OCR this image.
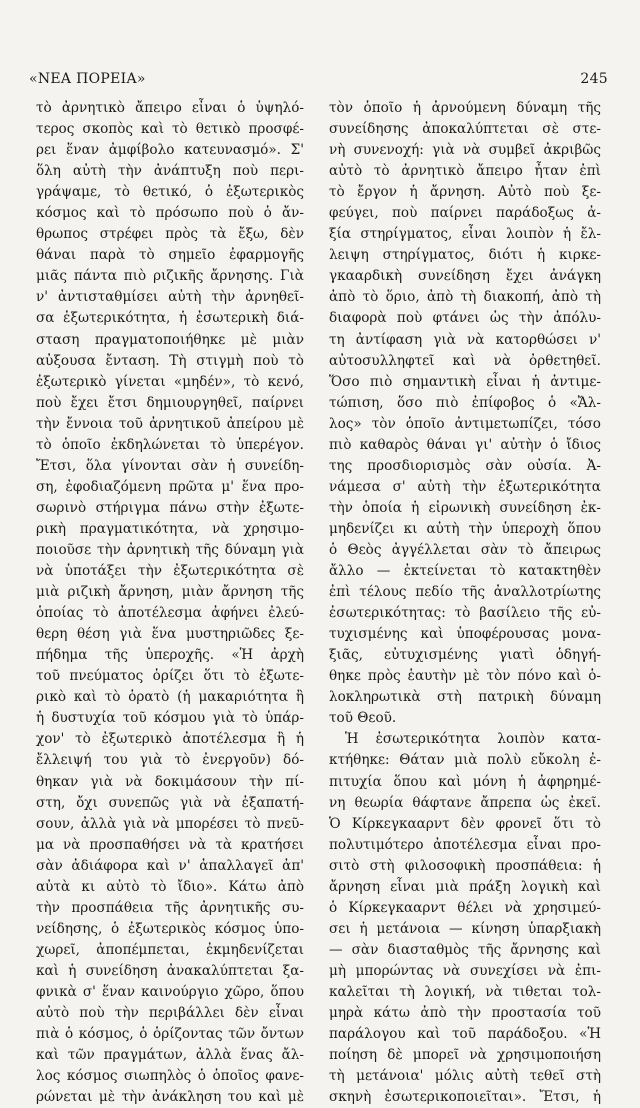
«ΝΕΑ ΠΟΡΕΙΑ»	245
τὸ ἀρνητικὸ ἄπειρο εἶναι ὁ ὑψηλό-
τερος σκοπὸς καὶ τὸ θετικὸ προσφέ-
ρει ἕναν ἀμφίβολο κατευνασμό». Σ'
ὅλη αὐτὴ τὴν ἀνάπτυξη ποὺ περι-
γράψαμε, τὸ θετικό, ὁ ἐξωτερικὸς
κόσμος καὶ τὸ πρόσωπο ποὺ ὁ ἄν-
θρωπος στρέφει πρὸς τὰ ἔξω, δὲν
θάναι παρὰ τὸ σημεῖο ἐφαρμογῆς
μιᾶς πάντα πιὸ ριζικῆς ἄρνησης. Γιὰ
ν' ἀντισταθμίσει αὐτὴ τὴν ἀρνηθεῖ-
σα ἐξωτερικότητα, ἡ ἐσωτερικὴ διά-
σταση πραγματοποιήθηκε μὲ μιὰν
αὐξουσα ἔνταση. Τὴ στιγμὴ ποὺ τὸ
ἐξωτερικὸ γίνεται «μηδέν», τὸ κενό,
ποὺ ἔχει ἔτσι δημιουργηθεῖ, παίρνει
τὴν ἔννοια τοῦ ἀρνητικοῦ ἀπείρου μὲ
τὸ ὁποῖο ἐκδηλώνεται τὸ ὑπερέγον.
Ἔτσι, ὅλα γίνονται σὰν ἡ συνείδη-
ση, ἐφοδιαζόμενη πρῶτα μ' ἕνα προ-
σωρινὸ στήριγμα πάνω στὴν ἐξωτε-
ρικὴ πραγματικότητα, νὰ χρησιμο-
ποιοῦσε τὴν ἀρνητικὴ τῆς δύναμη γιὰ
νὰ ὑποτάξει τὴν ἐξωτερικότητα σὲ
μιὰ ριζικὴ ἄρνηση, μιὰν ἄρνηση τῆς
ὁποίας τὸ ἀποτέλεσμα ἀφήνει ἐλεύ-
θερη θέση γιὰ ἕνα μυστηριῶδες ξε-
πήδημα τῆς ὑπεροχῆς. «Ἡ ἀρχὴ
τοῦ πνεύματος ὁρίζει ὅτι τὸ ἐξωτε-
ρικὸ καὶ τὸ ὁρατὸ (ἡ μακαριότητα ἢ
ἡ δυστυχία τοῦ κόσμου γιὰ τὸ ὑπάρ-
χον' τὸ ἐξωτερικὸ ἀποτέλεσμα ἢ ἡ
ἔλλειψή του γιὰ τὸ ἐνεργοῦν) δό-
θηκαν γιὰ νὰ δοκιμάσουν τὴν πί-
στη, ὄχι συνεπῶς γιὰ νὰ ἐξαπατή-
σουν, ἀλλὰ γιὰ νὰ μπορέσει τὸ πνεῦ-
μα νὰ προσπαθήσει νὰ τὰ κρατήσει
σὰν ἀδιάφορα καὶ ν' ἀπαλλαγεῖ ἀπ'
αὐτὰ κι αὐτὸ τὸ ἴδιο». Κάτω ἀπὸ
τὴν προσπάθεια τῆς ἀρνητικῆς συ-
νείδησης, ὁ ἐξωτερικὸς κόσμος ὑπο-
χωρεῖ, ἀποπέμπεται, ἐκμηδενίζεται
καὶ ἡ συνείδηση ἀνακαλύπτεται ξα-
φνικὰ σ' ἕναν καινούργιο χῶρο, ὅπου
αὐτὸ ποὺ τὴν περιβάλλει δὲν εἶναι
πιὰ ὁ κόσμος, ὁ ὁρίζοντας τῶν ὄντων
καὶ τῶν πραγμάτων, ἀλλὰ ἕνας ἄλ-
λος κόσμος σιωπηλὸς ὁ ὁποῖος φανε-
ρώνεται μὲ τὴν ἀνάκληση του καὶ μὲ
τὸν ὁποῖο ἡ ἀρνούμενη δύναμη τῆς
συνείδησης ἀποκαλύπτεται σὲ στε-
νὴ συνενοχή: γιὰ νὰ συμβεῖ ἀκριβῶς
αὐτὸ τὸ ἀρνητικὸ ἄπειρο ἦταν ἐπὶ
τὸ ἔργον ἡ ἄρνηση. Αὐτὸ ποὺ ξε-
φεύγει, ποὺ παίρνει παράδοξως ἀ-
ξία στηρίγματος, εἶναι λοιπὸν ἡ ἔλ-
λειψη στηρίγματος, διότι ἡ κιρκε-
γκααρδικὴ συνείδηση ἔχει ἀνάγκη
ἀπὸ τὸ ὅριο, ἀπὸ τὴ διακοπή, ἀπὸ τὴ
διαφορὰ ποὺ φτάνει ὡς τὴν ἀπόλυ-
τη ἀντίφαση γιὰ νὰ κατορθώσει ν'
αὐτοσυλληφτεῖ καὶ νὰ ὀρθετηθεῖ.
Ὅσο πιὸ σημαντικὴ εἶναι ἡ ἀντιμε-
τώπιση, ὅσο πιὸ ἐπίφοβος ὁ «Ἄλ-
λος» τὸν ὁποῖο ἀντιμετωπίζει, τόσο
πιὸ καθαρὸς θάναι γι' αὐτὴν ὁ ἴδιος
της προσδιορισμὸς σὰν οὐσία. Ἀ-
νάμεσα σ' αὐτὴ τὴν ἐξωτερικότητα
τὴν ὁποία ἡ εἰρωνικὴ συνείδηση ἐκ-
μηδενίζει κι αὐτὴ τὴν ὑπεροχὴ ὅπου
ὁ Θεὸς ἀγγέλλεται σὰν τὸ ἄπειρως
ἄλλο — ἐκτείνεται τὸ κατακτηθὲν
ἐπὶ τέλους πεδίο τῆς ἀναλλοτρίωτης
ἐσωτερικότητας: τὸ βασίλειο τῆς εὐ-
τυχισμένης καὶ ὑποφέρουσας μονα-
ξιᾶς, εὐτυχισμένης γιατὶ ὁδηγή-
θηκε πρὸς ἑαυτὴν μὲ τὸν πόνο καὶ ὁ-
λοκληρωτικὰ στὴ πατρικὴ δύναμη
τοῦ Θεοῦ.
Ἡ ἐσωτερικότητα λοιπὸν κατα-
κτήθηκε: Θάταν μιὰ πολὺ εὔκολη ἐ-
πιτυχία ὅπου καὶ μόνη ἡ ἀφηρημέ-
νη θεωρία θάφτανε ἄπρεπα ὡς ἐκεῖ.
Ὁ Κίρκεγκααρντ δὲν φρονεῖ ὅτι τὸ
πολυτιμότερο ἀποτέλεσμα εἶναι προ-
σιτὸ στὴ φιλοσοφικὴ προσπάθεια: ἡ
ἄρνηση εἶναι μιὰ πράξη λογικὴ καὶ
ὁ Κίρκεγκααρντ θέλει νὰ χρησιμεύ-
σει ἡ μετάνοια — κίνηση ὑπαρξιακὴ
— σὰν διασταθμὸς τῆς ἄρνησης καὶ
μὴ μπορώντας νὰ συνεχίσει νὰ ἐπι-
καλεῖται τὴ λογική, νὰ τιθεται τολ-
μηρὰ κάτω ἀπὸ τὴν προστασία τοῦ
παράλογου καὶ τοῦ παράδοξου. «Ἡ
ποίηση δὲ μπορεῖ νὰ χρησιμοποιήση
τὴ μετάνοια' μόλις αὐτὴ τεθεῖ στὴ
σκηνὴ ἐσωτερικοποιεῖται». Ἔτσι, ἡ
